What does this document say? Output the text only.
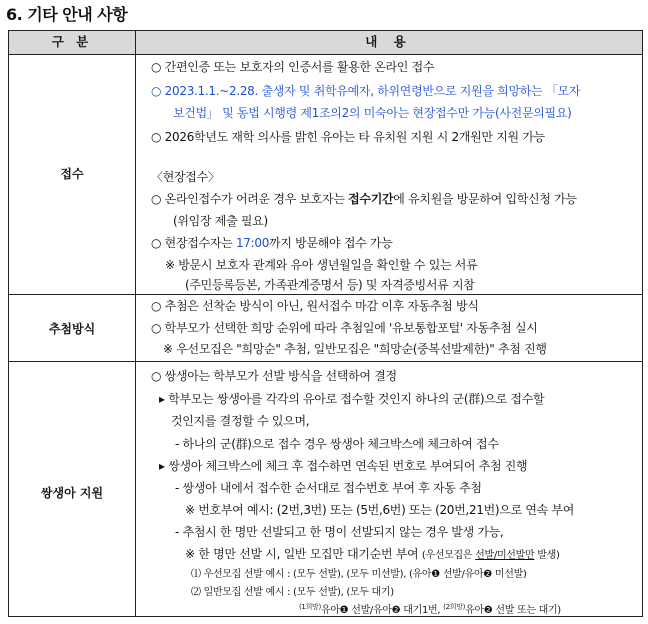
6. 기타 안내 사항
구 분	내 용
접수
○ 간편인증 또는 보호자의 인증서를 활용한 온라인 접수
○ 2023.1.1.~2.28. 출생자 및 취학유예자, 하위연령반으로 지원을 희망하는 「모자
보건법」 및 동법 시행령 제1조의2의 미숙아는 현장접수만 가능(사전문의필요)
○ 2026학년도 재학 의사를 밝힌 유아는 타 유치원 지원 시 2개원만 지원 가능
〈현장접수〉
○ 온라인접수가 어려운 경우 보호자는 접수기간에 유치원을 방문하여 입학신청 가능
(위임장 제출 필요)
○ 현장접수자는 17:00까지 방문해야 접수 가능
※ 방문시 보호자 관계와 유아 생년월일을 확인할 수 있는 서류
(주민등록등본, 가족관계증명서 등) 및 자격증빙서류 지참
추첨방식
○ 추첨은 선착순 방식이 아닌, 원서접수 마감 이후 자동추첨 방식
○ 학부모가 선택한 희망 순위에 따라 추첨일에 '유보통합포털' 자동추첨 실시
※ 우선모집은 "희망순" 추첨, 일반모집은 "희망순(중복선발제한)" 추첨 진행
쌍생아 지원
○ 쌍생아는 학부모가 선발 방식을 선택하여 결정
▸ 학부모는 쌍생아를 각각의 유아로 접수할 것인지 하나의 군(群)으로 접수할
것인지를 결정할 수 있으며,
- 하나의 군(群)으로 접수 경우 쌍생아 체크박스에 체크하여 접수
▸ 쌍생아 체크박스에 체크 후 접수하면 연속된 번호로 부여되어 추첨 진행
- 쌍생아 내에서 접수한 순서대로 접수번호 부여 후 자동 추첨
※ 번호부여 예시: (2번,3번) 또는 (5번,6번) 또는 (20번,21번)으로 연속 부여
- 추첨시 한 명만 선발되고 한 명이 선발되지 않는 경우 발생 가능,
※ 한 명만 선발 시, 일반 모집만 대기순번 부여 (우선모집은 선발/미선발만 발생)
⑴ 우선모집 선발 예시 : (모두 선발), (모두 미선발), (유아❶ 선발/유아❷ 미선발)
⑵ 일반모집 선발 예시 : (모두 선발), (모두 대기)
$^{(1희망)}$유아❶ 선발/유아❷ 대기1번, $^{(2희망)}$유아❷ 선발 또는 대기)
